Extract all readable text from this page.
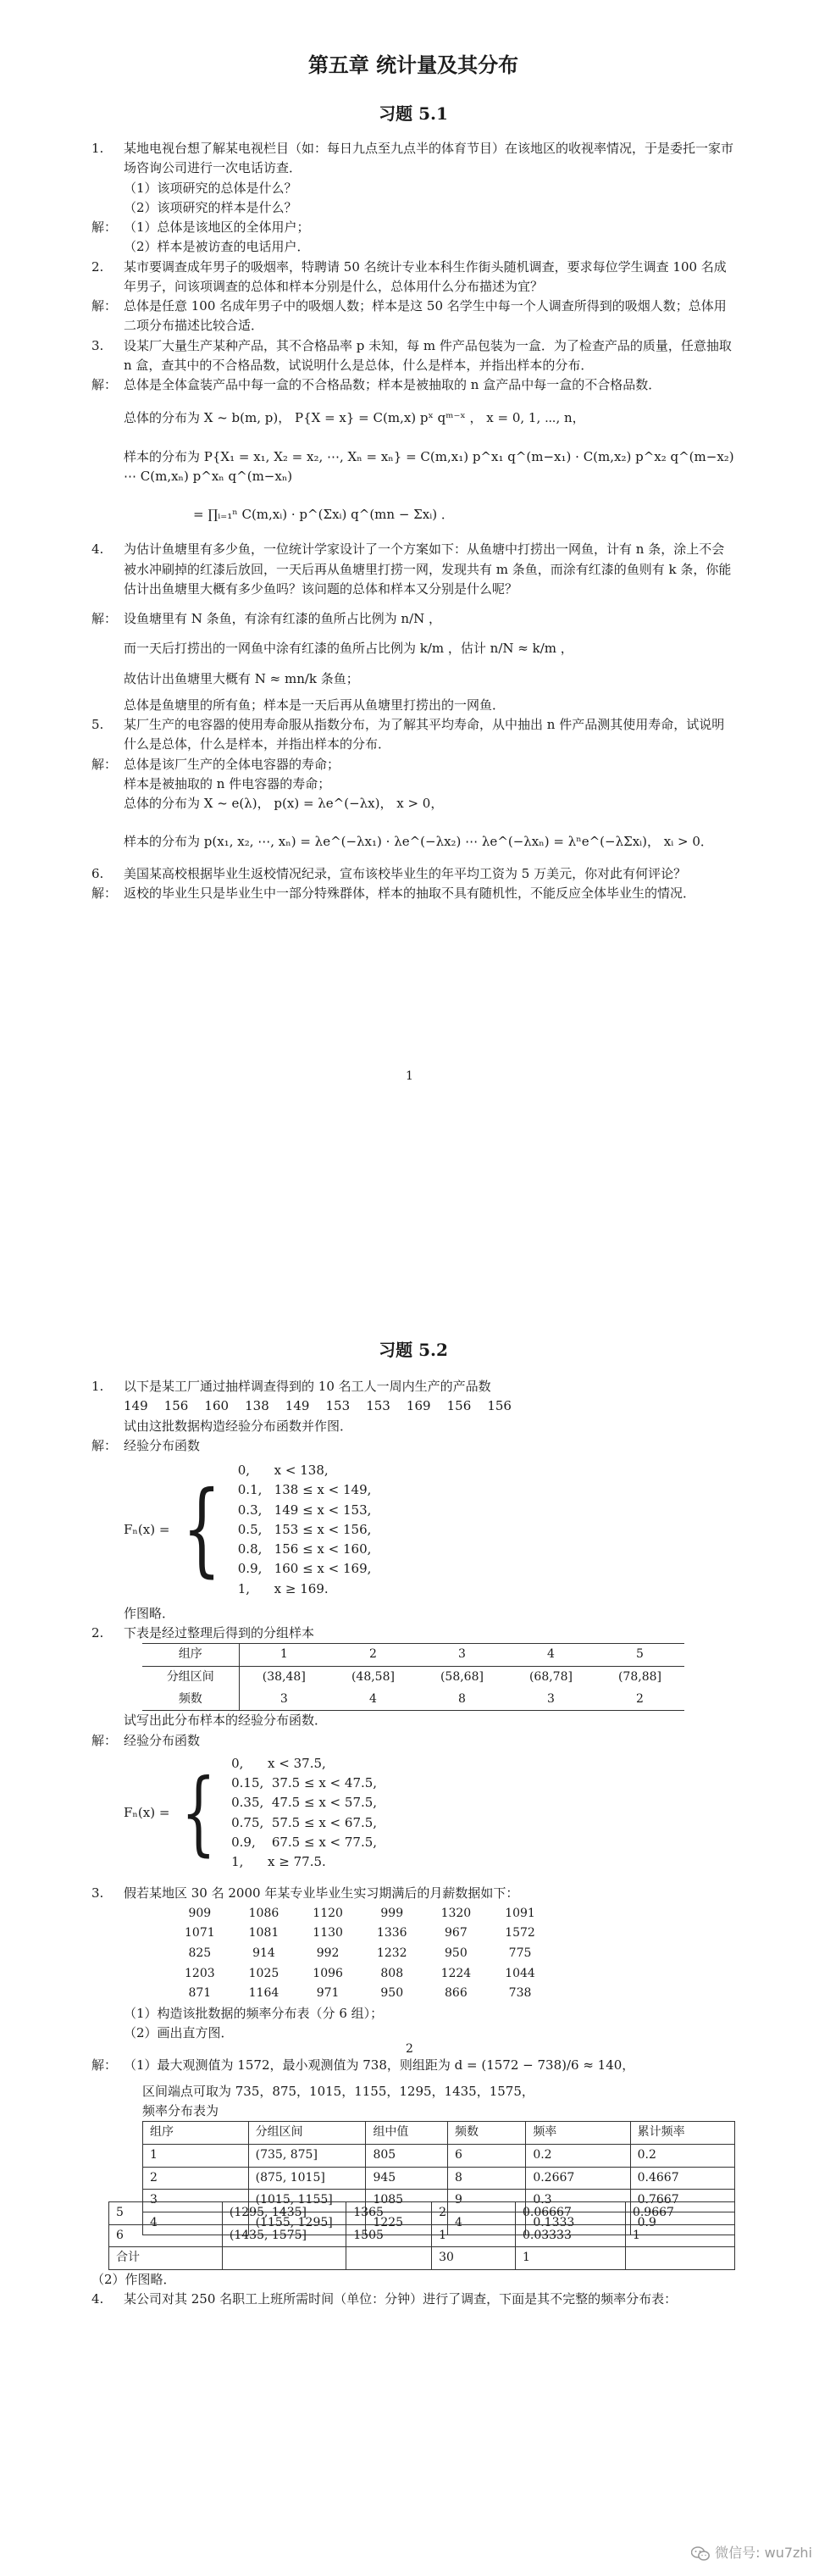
第五章 统计量及其分布
习题 5.1
1.	某地电视台想了解某电视栏目（如：每日九点至九点半的体育节目）在该地区的收视率情况，于是委托一家市场咨询公司进行一次电话访查．
（1）该项研究的总体是什么？
（2）该项研究的样本是什么？
解： （1）总体是该地区的全体用户；
（2）样本是被访查的电话用户．
2.	某市要调查成年男子的吸烟率，特聘请 50 名统计专业本科生作街头随机调查，要求每位学生调查 100 名成年男子，问该项调查的总体和样本分别是什么，总体用什么分布描述为宜？
解： 总体是任意 100 名成年男子中的吸烟人数；样本是这 50 名学生中每一个人调查所得到的吸烟人数；总体用二项分布描述比较合适．
3.	设某厂大量生产某种产品，其不合格品率 p 未知，每 m 件产品包装为一盒．为了检查产品的质量，任意抽取 n 盒，查其中的不合格品数，试说明什么是总体，什么是样本，并指出样本的分布．
解： 总体是全体盒装产品中每一盒的不合格品数；样本是被抽取的 n 盒产品中每一盒的不合格品数．
总体的分布为 X ~ b(m, p)， P{X = x} = C(m,x) pˣ qᵐ⁻ˣ ， x = 0, 1, ⋯, n，
样本的分布为 P{X₁ = x₁, X₂ = x₂, ⋯, Xₙ = xₙ} = C(m,x₁) p^x₁ q^(m−x₁) · C(m,x₂) p^x₂ q^(m−x₂) ⋯ C(m,xₙ) p^xₙ q^(m−xₙ)
= ∏ᵢ₌₁ⁿ C(m,xᵢ) · p^(Σxᵢ) q^(mn − Σxᵢ) ．
4.	为估计鱼塘里有多少鱼，一位统计学家设计了一个方案如下：从鱼塘中打捞出一网鱼，计有 n 条，涂上不会被水冲刷掉的红漆后放回，一天后再从鱼塘里打捞一网，发现共有 m 条鱼，而涂有红漆的鱼则有 k 条，你能估计出鱼塘里大概有多少鱼吗？该问题的总体和样本又分别是什么呢？
解： 设鱼塘里有 N 条鱼，有涂有红漆的鱼所占比例为 n/N ，
而一天后打捞出的一网鱼中涂有红漆的鱼所占比例为 k/m ，估计 n/N ≈ k/m ，
故估计出鱼塘里大概有 N ≈ mn/k 条鱼；
总体是鱼塘里的所有鱼；样本是一天后再从鱼塘里打捞出的一网鱼．
5.	某厂生产的电容器的使用寿命服从指数分布，为了解其平均寿命，从中抽出 n 件产品测其使用寿命，试说明什么是总体，什么是样本，并指出样本的分布．
解： 总体是该厂生产的全体电容器的寿命；
样本是被抽取的 n 件电容器的寿命；
总体的分布为 X ~ e(λ)， p(x) = λe^(−λx)， x > 0，
样本的分布为 p(x₁, x₂, ⋯, xₙ) = λe^(−λx₁) · λe^(−λx₂) ⋯ λe^(−λxₙ) = λⁿe^(−λΣxᵢ)， xᵢ > 0．
6.	美国某高校根据毕业生返校情况纪录，宣布该校毕业生的年平均工资为 5 万美元，你对此有何评论？
解： 返校的毕业生只是毕业生中一部分特殊群体，样本的抽取不具有随机性，不能反应全体毕业生的情况．
1
习题 5.2
1.	以下是某工厂通过抽样调查得到的 10 名工人一周内生产的产品数
149    156    160    138    149    153    153    169    156    156
试由这批数据构造经验分布函数并作图．
解： 经验分布函数
Fₙ(x) = {
0,      x < 138,
0.1,   138 ≤ x < 149,
0.3,   149 ≤ x < 153,
0.5,   153 ≤ x < 156,
0.8,   156 ≤ x < 160,
0.9,   160 ≤ x < 169,
1,      x ≥ 169.
作图略．
2.	下表是经过整理后得到的分组样本
组序	1	2	3	4	5
分组区间	(38,48]	(48,58]	(58,68]	(68,78]	(78,88]
频数	3	4	8	3	2
试写出此分布样本的经验分布函数．
解： 经验分布函数
Fₙ(x) = { 0,      x < 37.5,
0.15,  37.5 ≤ x < 47.5,
0.35,  47.5 ≤ x < 57.5,
0.75,  57.5 ≤ x < 67.5,
0.9,    67.5 ≤ x < 77.5,
1,      x ≥ 77.5.
3.	假若某地区 30 名 2000 年某专业毕业生实习期满后的月薪数据如下：
909	1086	1120	999	1320	1091
1071	1081	1130	1336	967	1572
825	914	992	1232	950	775
1203	1025	1096	808	1224	1044
871	1164	971	950	866	738
（1）构造该批数据的频率分布表（分 6 组）；
（2）画出直方图．
解： （1）最大观测值为 1572，最小观测值为 738，则组距为 d = (1572 − 738)/6 ≈ 140，
区间端点可取为 735，875，1015，1155，1295，1435，1575，
频率分布表为
组序	分组区间	组中值	频数	频率	累计频率
1	(735, 875]	805	6	0.2	0.2
2	(875, 1015]	945	8	0.2667	0.4667
3	(1015, 1155]	1085	9	0.3	0.7667
4	(1155, 1295]	1225	4	0.1333	0.9
2
5	(1295, 1435]	1365	2	0.06667	0.9667
6	(1435, 1575]	1505	1	0.03333	1
合计			30	1	
（2）作图略．
4.	某公司对其 250 名职工上班所需时间（单位：分钟）进行了调查，下面是其不完整的频率分布表：
微信号: wu7zhi
